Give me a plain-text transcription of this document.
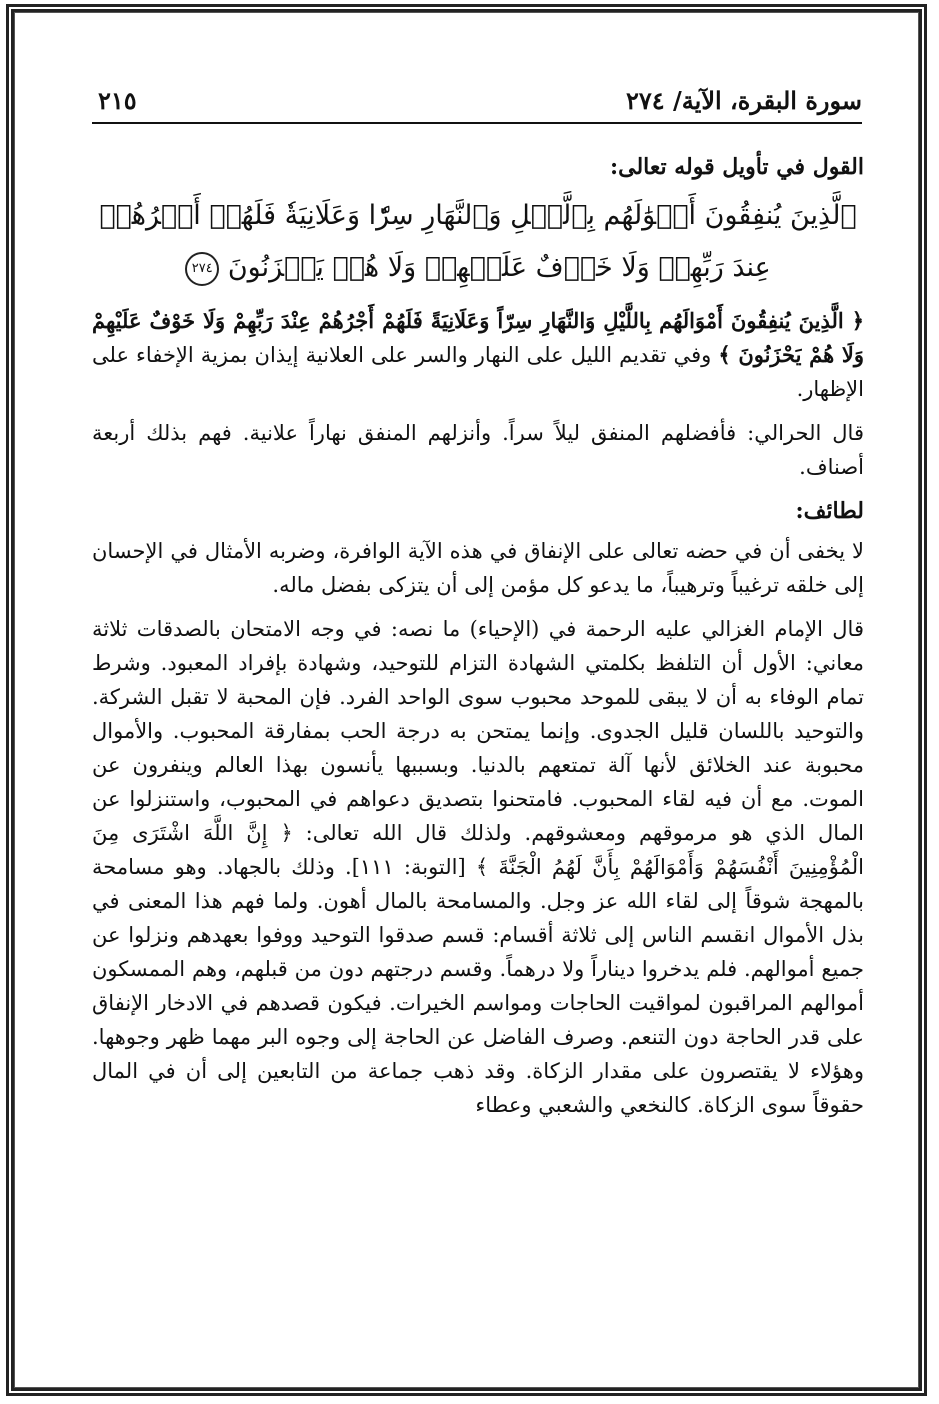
سورة البقرة، الآية/ ٢٧٤
٢١٥
القول في تأويل قوله تعالى:
ٱلَّذِينَ يُنفِقُونَ أَمۡوَٰلَهُم بِٱلَّيۡلِ وَٱلنَّهَارِ سِرّٗا وَعَلَانِيَةٗ فَلَهُمۡ أَجۡرُهُمۡ
عِندَ رَبِّهِمۡ وَلَا خَوۡفٌ عَلَيۡهِمۡ وَلَا هُمۡ يَحۡزَنُونَ ٢٧٤

﴿ الَّذِينَ يُنفِقُونَ أَمْوَالَهُم بِاللَّيْلِ وَالنَّهَارِ سِرّاً وَعَلَانِيَةً فَلَهُمْ أَجْرُهُمْ عِنْدَ رَبِّهِمْ وَلَا خَوْفٌ عَلَيْهِمْ وَلَا هُمْ يَحْزَنُونَ ﴾ وفي تقديم الليل على النهار والسر على العلانية إيذان بمزية الإخفاء على الإظهار.

قال الحرالي: فأفضلهم المنفق ليلاً سراً. وأنزلهم المنفق نهاراً علانية. فهم بذلك أربعة أصناف.

لطائف:

لا يخفى أن في حضه تعالى على الإنفاق في هذه الآية الوافرة، وضربه الأمثال في الإحسان إلى خلقه ترغيباً وترهيباً، ما يدعو كل مؤمن إلى أن يتزكى بفضل ماله.

قال الإمام الغزالي عليه الرحمة في (الإحياء) ما نصه: في وجه الامتحان بالصدقات ثلاثة معاني: الأول أن التلفظ بكلمتي الشهادة التزام للتوحيد، وشهادة بإفراد المعبود. وشرط تمام الوفاء به أن لا يبقى للموحد محبوب سوى الواحد الفرد. فإن المحبة لا تقبل الشركة. والتوحيد باللسان قليل الجدوى. وإنما يمتحن به درجة الحب بمفارقة المحبوب. والأموال محبوبة عند الخلائق لأنها آلة تمتعهم بالدنيا. وبسببها يأنسون بهذا العالم وينفرون عن الموت. مع أن فيه لقاء المحبوب. فامتحنوا بتصديق دعواهم في المحبوب، واستنزلوا عن المال الذي هو مرموقهم ومعشوقهم. ولذلك قال الله تعالى: ﴿ إِنَّ اللَّهَ اشْتَرَى مِنَ الْمُؤْمِنِينَ أَنْفُسَهُمْ وَأَمْوَالَهُمْ بِأَنَّ لَهُمُ الْجَنَّةَ ﴾ [التوبة: ١١١]. وذلك بالجهاد. وهو مسامحة بالمهجة شوقاً إلى لقاء الله عز وجل. والمسامحة بالمال أهون. ولما فهم هذا المعنى في بذل الأموال انقسم الناس إلى ثلاثة أقسام: قسم صدقوا التوحيد ووفوا بعهدهم ونزلوا عن جميع أموالهم. فلم يدخروا ديناراً ولا درهماً. وقسم درجتهم دون من قبلهم، وهم الممسكون أموالهم المراقبون لمواقيت الحاجات ومواسم الخيرات. فيكون قصدهم في الادخار الإنفاق على قدر الحاجة دون التنعم. وصرف الفاضل عن الحاجة إلى وجوه البر مهما ظهر وجوهها. وهؤلاء لا يقتصرون على مقدار الزكاة. وقد ذهب جماعة من التابعين إلى أن في المال حقوقاً سوى الزكاة. كالنخعي والشعبي وعطاء
